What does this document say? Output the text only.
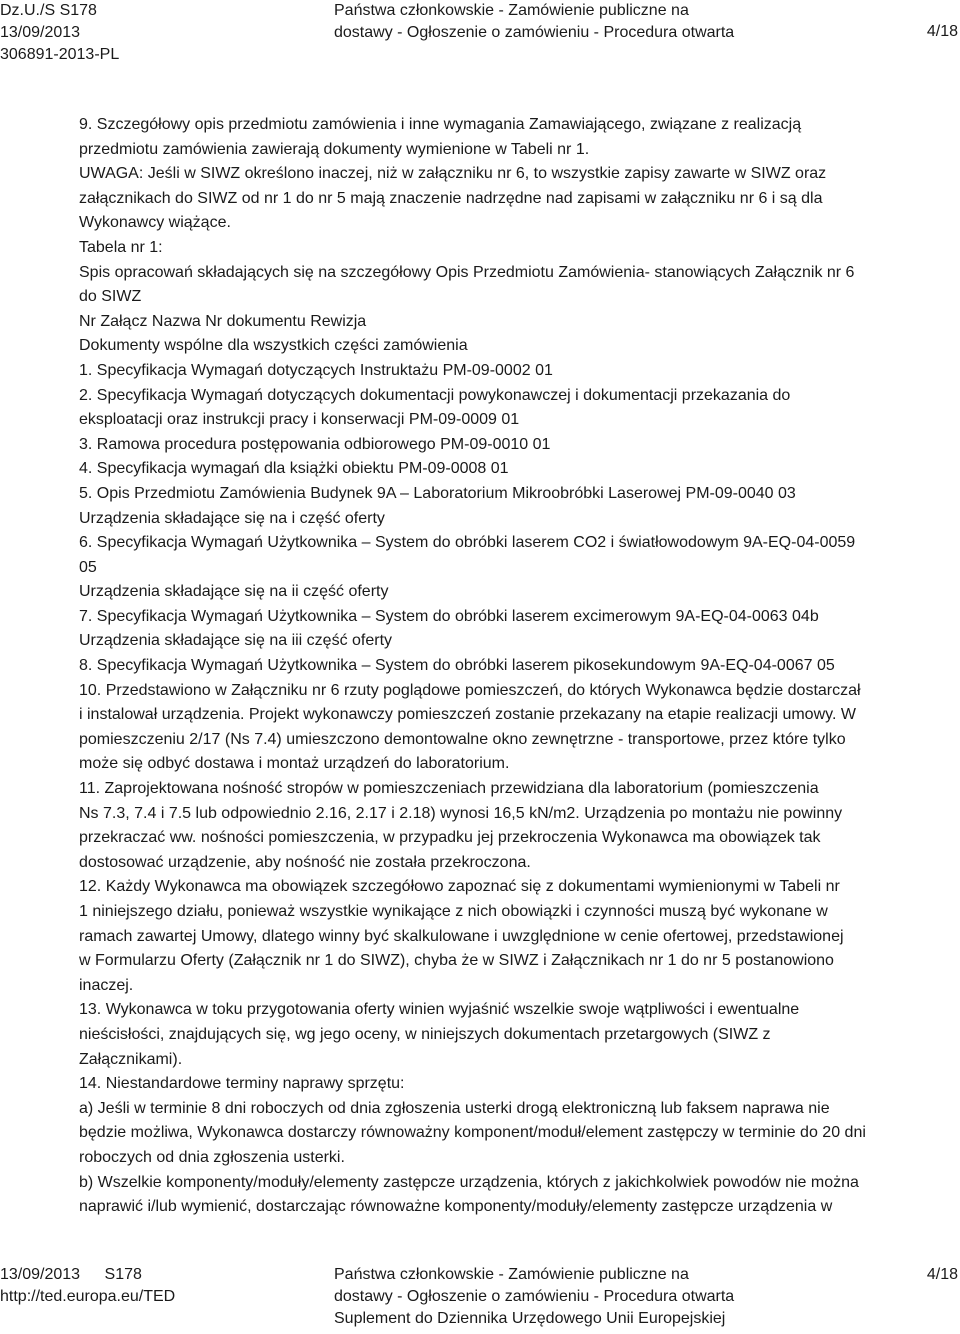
Dz.U./S S178
13/09/2013
306891-2013-PL
Państwa członkowskie - Zamówienie publiczne na
dostawy - Ogłoszenie o zamówieniu - Procedura otwarta	4/18

9. Szczegółowy opis przedmiotu zamówienia i inne wymagania Zamawiającego, związane z realizacją

przedmiotu zamówienia zawierają dokumenty wymienione w Tabeli nr 1.

UWAGA: Jeśli w SIWZ określono inaczej, niż w załączniku nr 6, to wszystkie zapisy zawarte w SIWZ oraz

załącznikach do SIWZ od nr 1 do nr 5 mają znaczenie nadrzędne nad zapisami w załączniku nr 6 i są dla

Wykonawcy wiążące.

Tabela nr 1:

Spis opracowań składających się na szczegółowy Opis Przedmiotu Zamówienia- stanowiących Załącznik nr 6

do SIWZ

Nr Załącz Nazwa Nr dokumentu Rewizja

Dokumenty wspólne dla wszystkich części zamówienia

1. Specyfikacja Wymagań dotyczących Instruktażu PM-09-0002 01

2. Specyfikacja Wymagań dotyczących dokumentacji powykonawczej i dokumentacji przekazania do

eksploatacji oraz instrukcji pracy i konserwacji PM-09-0009 01

3. Ramowa procedura postępowania odbiorowego PM-09-0010 01

4. Specyfikacja wymagań dla książki obiektu PM-09-0008 01

5. Opis Przedmiotu Zamówienia Budynek 9A – Laboratorium Mikroobróbki Laserowej PM-09-0040 03

Urządzenia składające się na i część oferty

6. Specyfikacja Wymagań Użytkownika – System do obróbki laserem CO2 i światłowodowym 9A-EQ-04-0059

05

Urządzenia składające się na ii część oferty

7. Specyfikacja Wymagań Użytkownika – System do obróbki laserem excimerowym 9A-EQ-04-0063 04b

Urządzenia składające się na iii część oferty

8. Specyfikacja Wymagań Użytkownika – System do obróbki laserem pikosekundowym 9A-EQ-04-0067 05

10. Przedstawiono w Załączniku nr 6 rzuty poglądowe pomieszczeń, do których Wykonawca będzie dostarczał

i instalował urządzenia. Projekt wykonawczy pomieszczeń zostanie przekazany na etapie realizacji umowy. W

pomieszczeniu 2/17 (Ns 7.4) umieszczono demontowalne okno zewnętrzne - transportowe, przez które tylko

może się odbyć dostawa i montaż urządzeń do laboratorium.

11. Zaprojektowana nośność stropów w pomieszczeniach przewidziana dla laboratorium (pomieszczenia

Ns 7.3, 7.4 i 7.5 lub odpowiednio 2.16, 2.17 i 2.18) wynosi 16,5 kN/m2. Urządzenia po montażu nie powinny

przekraczać ww. nośności pomieszczenia, w przypadku jej przekroczenia Wykonawca ma obowiązek tak

dostosować urządzenie, aby nośność nie została przekroczona.

12. Każdy Wykonawca ma obowiązek szczegółowo zapoznać się z dokumentami wymienionymi w Tabeli nr

1 niniejszego działu, ponieważ wszystkie wynikające z nich obowiązki i czynności muszą być wykonane w

ramach zawartej Umowy, dlatego winny być skalkulowane i uwzględnione w cenie ofertowej, przedstawionej

w Formularzu Oferty (Załącznik nr 1 do SIWZ), chyba że w SIWZ i Załącznikach nr 1 do nr 5 postanowiono

inaczej.

13. Wykonawca w toku przygotowania oferty winien wyjaśnić wszelkie swoje wątpliwości i ewentualne

nieścisłości, znajdujących się, wg jego oceny, w niniejszych dokumentach przetargowych (SIWZ z

Załącznikami).

14. Niestandardowe terminy naprawy sprzętu:

a) Jeśli w terminie 8 dni roboczych od dnia zgłoszenia usterki drogą elektroniczną lub faksem naprawa nie

będzie możliwa, Wykonawca dostarczy równoważny komponent/moduł/element zastępczy w terminie do 20 dni

roboczych od dnia zgłoszenia usterki.

b) Wszelkie komponenty/moduły/elementy zastępcze urządzenia, których z jakichkolwiek powodów nie można

naprawić i/lub wymienić, dostarczając równoważne komponenty/moduły/elementy zastępcze urządzenia w

13/09/2013 S178
http://ted.europa.eu/TED
Państwa członkowskie - Zamówienie publiczne na
dostawy - Ogłoszenie o zamówieniu - Procedura otwarta
Suplement do Dziennika Urzędowego Unii Europejskiej
4/18
